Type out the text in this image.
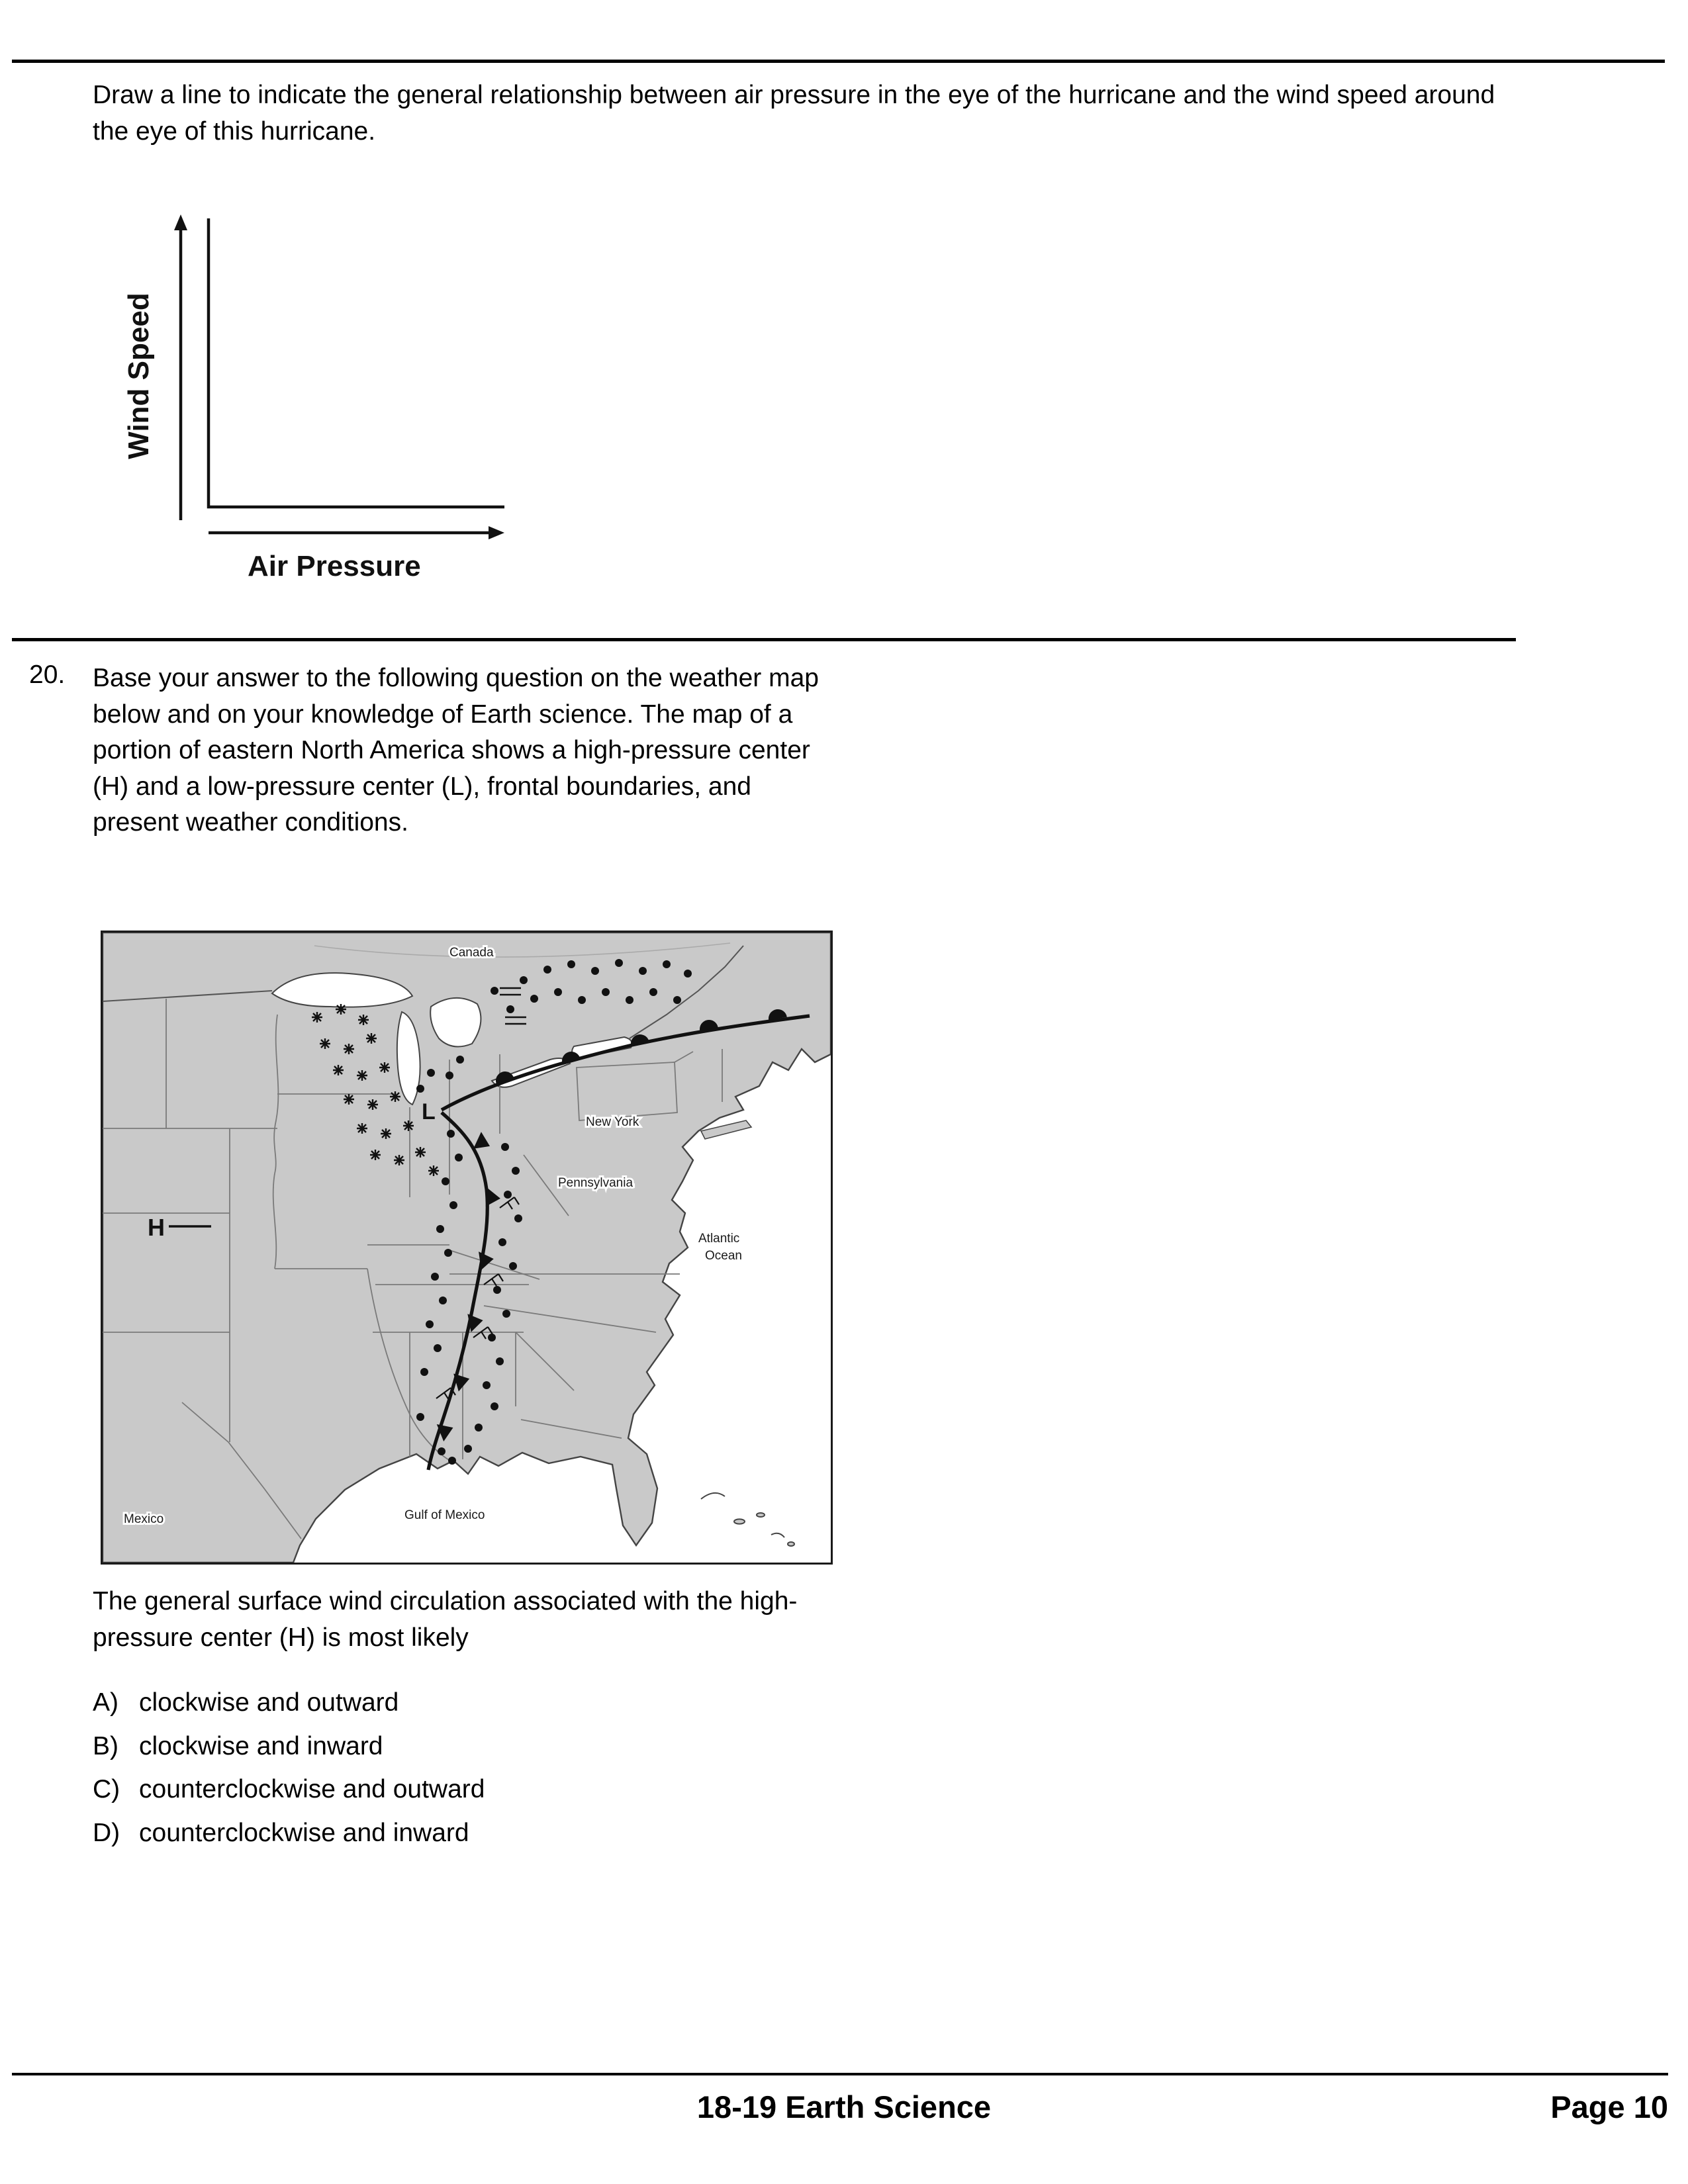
Draw a line to indicate the general relationship between air pressure in the eye of the hurricane and the wind speed around the eye of this hurricane.
Wind Speed
Air Pressure
20.	Base your answer to the following question on the weather map below and on your knowledge of Earth science. The map of a portion of eastern North America shows a high-pressure center (H) and a low-pressure center (L), frontal boundaries, and present weather conditions.
H
L
Canada
New York
Pennsylvania
Atlantic
Ocean
Mexico	Gulf of Mexico
The general surface wind circulation associated with the high-pressure center (H) is most likely
A) clockwise and outward
B) clockwise and inward
C) counterclockwise and outward
D) counterclockwise and inward
18-19 Earth Science	Page 10
